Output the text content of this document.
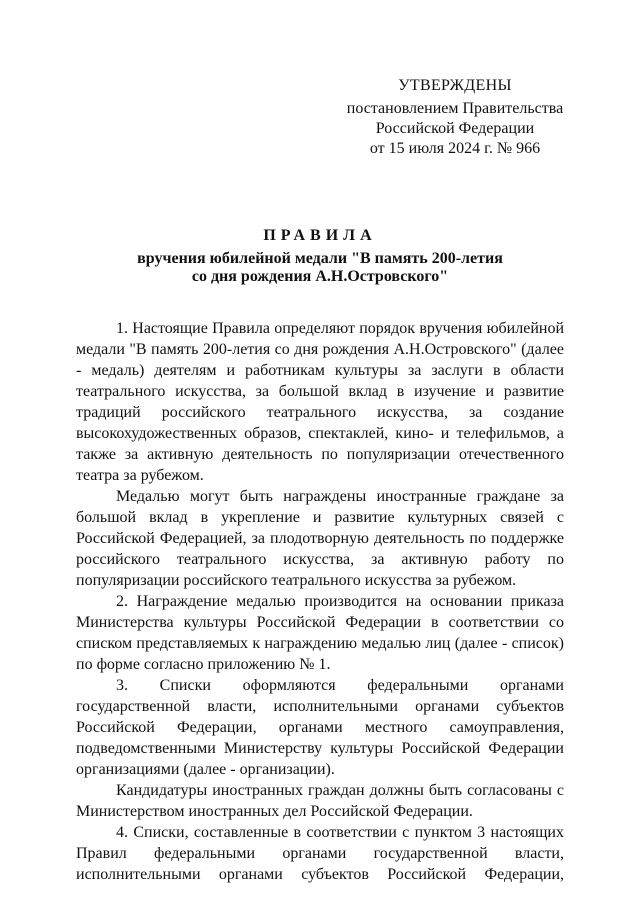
УТВЕРЖДЕНЫ
постановлением Правительства
Российской Федерации
от 15 июля 2024 г. № 966
ПРАВИЛА
вручения юбилейной медали "В память 200-летия
со дня рождения А.Н.Островского"

1. Настоящие Правила определяют порядок вручения юбилейной медали "В память 200-летия со дня рождения А.Н.Островского" (далее - медаль) деятелям и работникам культуры за заслуги в области театрального искусства, за большой вклад в изучение и развитие традиций российского театрального искусства, за создание высокохудожественных образов, спектаклей, кино- и телефильмов, а также за активную деятельность по популяризации отечественного театра за рубежом.

Медалью могут быть награждены иностранные граждане за большой вклад в укрепление и развитие культурных связей с Российской Федерацией, за плодотворную деятельность по поддержке российского театрального искусства, за активную работу по популяризации российского театрального искусства за рубежом.

2. Награждение медалью производится на основании приказа Министерства культуры Российской Федерации в соответствии со списком представляемых к награждению медалью лиц (далее - список) по форме согласно приложению № 1.

3. Списки оформляются федеральными органами государственной власти, исполнительными органами субъектов Российской Федерации, органами местного самоуправления, подведомственными Министерству культуры Российской Федерации организациями (далее - организации).

Кандидатуры иностранных граждан должны быть согласованы с Министерством иностранных дел Российской Федерации.

4. Списки, составленные в соответствии с пунктом 3 настоящих Правил федеральными органами государственной власти, исполнительными органами субъектов Российской Федерации,
